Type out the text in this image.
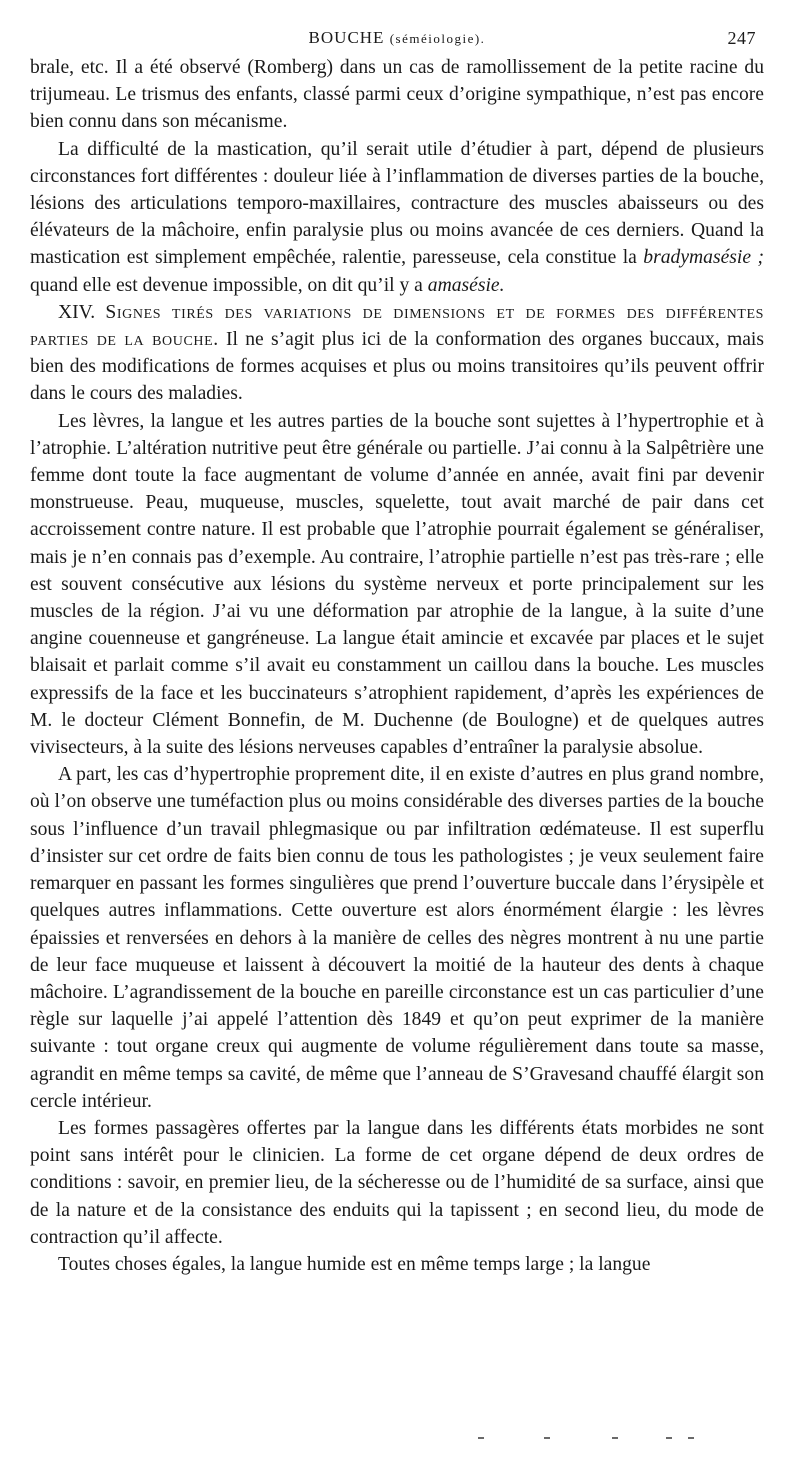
BOUCHE (séméiologie).	247

brale, etc. Il a été observé (Romberg) dans un cas de ramollissement de la petite racine du trijumeau. Le trismus des enfants, classé parmi ceux d’origine sympathique, n’est pas encore bien connu dans son mécanisme.

La difficulté de la mastication, qu’il serait utile d’étudier à part, dépend de plusieurs circonstances fort différentes : douleur liée à l’inflammation de diverses parties de la bouche, lésions des articulations temporo-maxillaires, contracture des muscles abaisseurs ou des élévateurs de la mâchoire, enfin paralysie plus ou moins avancée de ces derniers. Quand la mastication est simplement empêchée, ralentie, paresseuse, cela constitue la bradymasésie ; quand elle est devenue impossible, on dit qu’il y a amasésie.

XIV. Signes tirés des variations de dimensions et de formes des différentes parties de la bouche. Il ne s’agit plus ici de la conformation des organes buccaux, mais bien des modifications de formes acquises et plus ou moins transitoires qu’ils peuvent offrir dans le cours des maladies.

Les lèvres, la langue et les autres parties de la bouche sont sujettes à l’hypertrophie et à l’atrophie. L’altération nutritive peut être générale ou partielle. J’ai connu à la Salpêtrière une femme dont toute la face augmentant de volume d’année en année, avait fini par devenir monstrueuse. Peau, muqueuse, muscles, squelette, tout avait marché de pair dans cet accroissement contre nature. Il est probable que l’atrophie pourrait également se généraliser, mais je n’en connais pas d’exemple. Au contraire, l’atrophie partielle n’est pas très-rare ; elle est souvent consécutive aux lésions du système nerveux et porte principalement sur les muscles de la région. J’ai vu une déformation par atrophie de la langue, à la suite d’une angine couenneuse et gangréneuse. La langue était amincie et excavée par places et le sujet blaisait et parlait comme s’il avait eu constamment un caillou dans la bouche. Les muscles expressifs de la face et les buccinateurs s’atrophient rapidement, d’après les expériences de M. le docteur Clément Bonnefin, de M. Duchenne (de Boulogne) et de quelques autres vivisecteurs, à la suite des lésions nerveuses capables d’entraîner la paralysie absolue.

A part, les cas d’hypertrophie proprement dite, il en existe d’autres en plus grand nombre, où l’on observe une tuméfaction plus ou moins considérable des diverses parties de la bouche sous l’influence d’un travail phlegmasique ou par infiltration œdémateuse. Il est superflu d’insister sur cet ordre de faits bien connu de tous les pathologistes ; je veux seulement faire remarquer en passant les formes singulières que prend l’ouverture buccale dans l’érysipèle et quelques autres inflammations. Cette ouverture est alors énormément élargie : les lèvres épaissies et renversées en dehors à la manière de celles des nègres montrent à nu une partie de leur face muqueuse et laissent à découvert la moitié de la hauteur des dents à chaque mâchoire. L’agrandissement de la bouche en pareille circonstance est un cas particulier d’une règle sur laquelle j’ai appelé l’attention dès 1849 et qu’on peut exprimer de la manière suivante : tout organe creux qui augmente de volume régulièrement dans toute sa masse, agrandit en même temps sa cavité, de même que l’anneau de S’Gravesand chauffé élargit son cercle intérieur.

Les formes passagères offertes par la langue dans les différents états morbides ne sont point sans intérêt pour le clinicien. La forme de cet organe dépend de deux ordres de conditions : savoir, en premier lieu, de la sécheresse ou de l’humidité de sa surface, ainsi que de la nature et de la consistance des enduits qui la tapissent ; en second lieu, du mode de contraction qu’il affecte.

Toutes choses égales, la langue humide est en même temps large ; la langue
